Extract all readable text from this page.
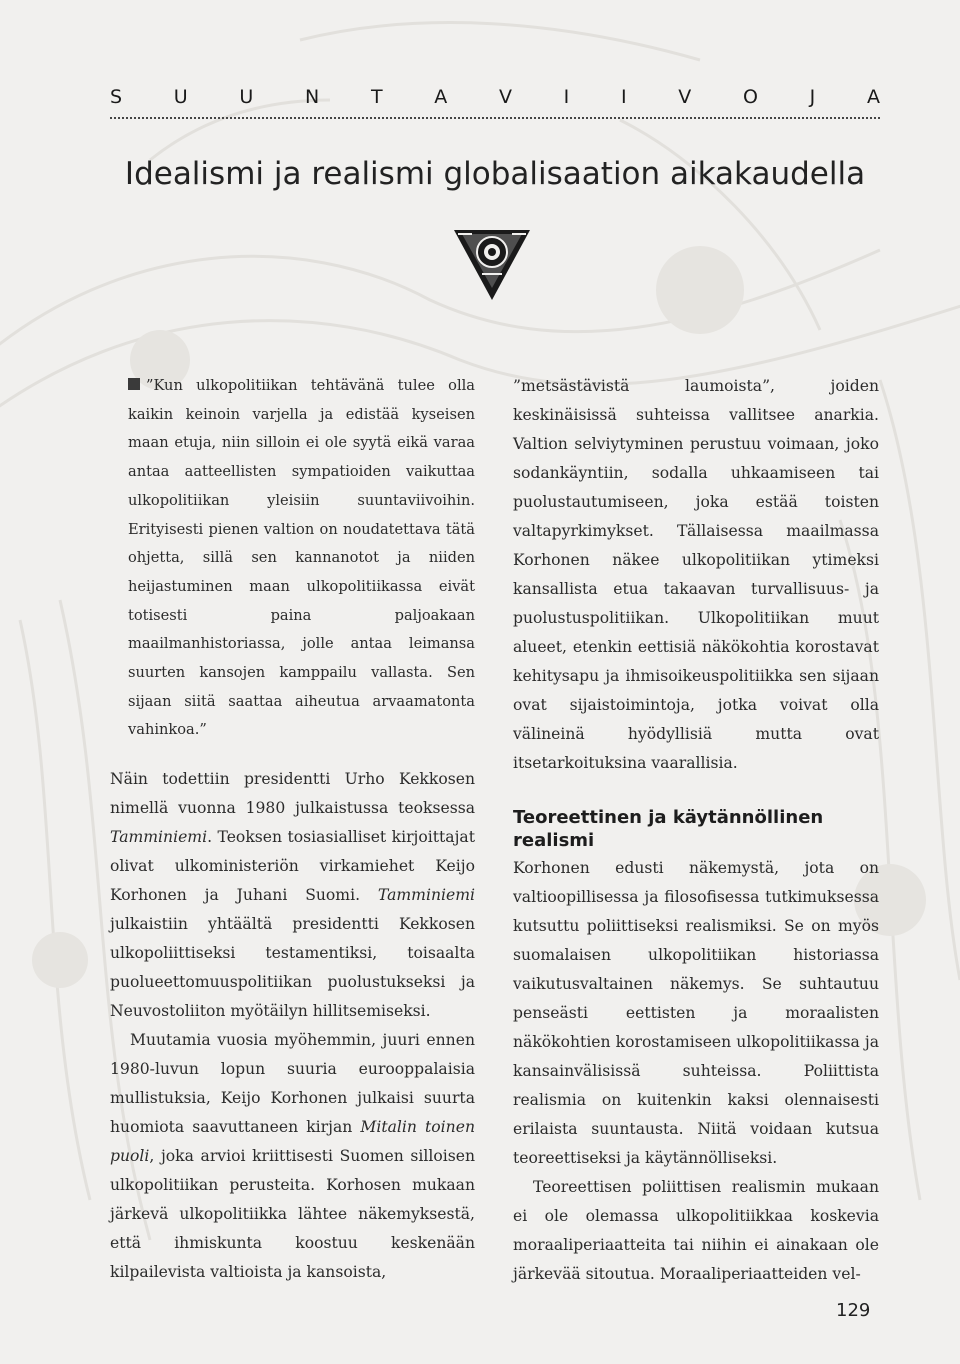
S	U	U	N	T	A	V	I	I	V	O	J	A
Idealismi ja realismi globalisaation aikakaudella

”Kun ulkopolitiikan tehtävänä tulee olla kaikin keinoin varjella ja edistää kyseisen maan etuja, niin silloin ei ole syytä eikä varaa antaa aatteellisten sympatioiden vaikuttaa ulkopolitiikan yleisiin suuntaviivoihin. Erityisesti pienen valtion on noudatettava tätä ohjetta, sillä sen kannanotot ja niiden heijastuminen maan ulkopolitiikassa eivät totisesti paina paljoakaan maailmanhistoriassa, jolle antaa leimansa suurten kansojen kamppailu vallasta. Sen sijaan siitä saattaa aiheutua arvaamatonta vahinkoa.”

Näin todettiin presidentti Urho Kekkosen nimellä vuonna 1980 julkaistussa teoksessa Tamminiemi. Teoksen tosiasialliset kirjoittajat olivat ulkoministeriön virkamiehet Keijo Korhonen ja Juhani Suomi. Tamminiemi julkaistiin yhtäältä presidentti Kekkosen ulkopoliittiseksi testamentiksi, toisaalta puolueettomuuspolitiikan puolustukseksi ja Neuvostoliiton myötäilyn hillitsemiseksi.

Muutamia vuosia myöhemmin, juuri ennen 1980-luvun lopun suuria eurooppalaisia mullistuksia, Keijo Korhonen julkaisi suurta huomiota saavuttaneen kirjan Mitalin toinen puoli, joka arvioi kriittisesti Suomen silloisen ulkopolitiikan perusteita. Korhosen mukaan järkevä ulkopolitiikka lähtee näkemyksestä, että ihmiskunta koostuu keskenään kilpailevista valtioista ja kansoista,

”metsästävistä laumoista”, joiden keskinäisissä suhteissa vallitsee anarkia. Valtion selviytyminen perustuu voimaan, joko sodankäyntiin, sodalla uhkaamiseen tai puolustautumiseen, joka estää toisten valtapyrkimykset. Tällaisessa maailmassa Korhonen näkee ulkopolitiikan ytimeksi kansallista etua takaavan turvallisuus- ja puolustuspolitiikan. Ulkopolitiikan muut alueet, etenkin eettisiä näkökohtia korostavat kehitysapu ja ihmisoikeuspolitiikka sen sijaan ovat sijaistoimintoja, jotka voivat olla välineinä hyödyllisiä mutta ovat itsetarkoituksina vaarallisia.

Teoreettinen ja käytännöllinen realismi

Korhonen edusti näkemystä, jota on valtioopillisessa ja filosofisessa tutkimuksessa kutsuttu poliittiseksi realismiksi. Se on myös suomalaisen ulkopolitiikan historiassa vaikutusvaltainen näkemys. Se suhtautuu penseästi eettisten ja moraalisten näkökohtien korostamiseen ulkopolitiikassa ja kansainvälisissä suhteissa. Poliittista realismia on kuitenkin kaksi olennaisesti erilaista suuntausta. Niitä voidaan kutsua teoreettiseksi ja käytännölliseksi.

Teoreettisen poliittisen realismin mukaan ei ole olemassa ulkopolitiikkaa koskevia moraaliperiaatteita tai niihin ei ainakaan ole järkevää sitoutua. Moraaliperiaatteiden vel-

129
